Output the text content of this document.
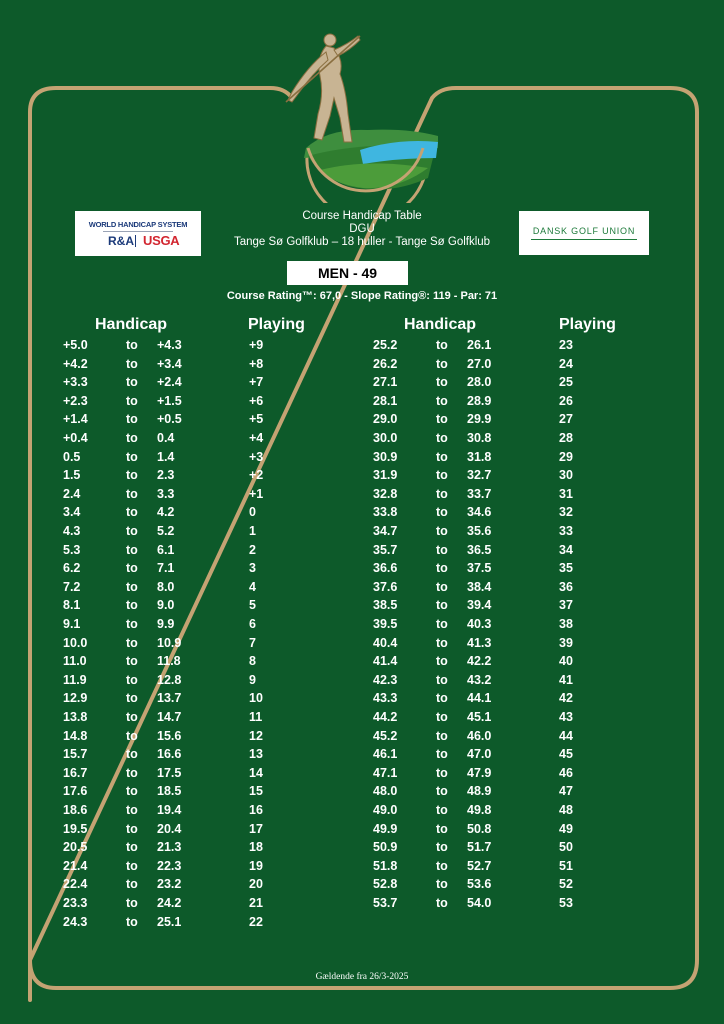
WORLD HANDICAP SYSTEM
R&A USGA
DANSK GOLF UNION
Course Handicap Table
DGU
Tange Sø Golfklub – 18 huller - Tange Sø Golfklub
MEN - 49
Course Rating™: 67,0 - Slope Rating®: 119 - Par: 71
Handicap	Playing	Handicap	Playing
+5.0	to +4.3	+9
+4.2	to +3.4	+8
+3.3	to +2.4	+7
+2.3	to +1.5	+6
+1.4	to +0.5	+5
+0.4	to 0.4	+4
0.5	to 1.4	+3
1.5	to 2.3	+2
2.4	to 3.3	+1
3.4	to 4.2	0
4.3	to 5.2	1
5.3	to 6.1	2
6.2	to 7.1	3
7.2	to 8.0	4
8.1	to 9.0	5
9.1	to 9.9	6
10.0	to 10.9	7
11.0	to 11.8	8
11.9	to 12.8	9
12.9	to 13.7	10
13.8	to 14.7	11
14.8	to 15.6	12
15.7	to 16.6	13
16.7	to 17.5	14
17.6	to 18.5	15
18.6	to 19.4	16
19.5	to 20.4	17
20.5	to 21.3	18
21.4	to 22.3	19
22.4	to 23.2	20
23.3	to 24.2	21
24.3	to 25.1	22
25.2	to 26.1	23
26.2	to 27.0	24
27.1	to 28.0	25
28.1	to 28.9	26
29.0	to 29.9	27
30.0	to 30.8	28
30.9	to 31.8	29
31.9	to 32.7	30
32.8	to 33.7	31
33.8	to 34.6	32
34.7	to 35.6	33
35.7	to 36.5	34
36.6	to 37.5	35
37.6	to 38.4	36
38.5	to 39.4	37
39.5	to 40.3	38
40.4	to 41.3	39
41.4	to 42.2	40
42.3	to 43.2	41
43.3	to 44.1	42
44.2	to 45.1	43
45.2	to 46.0	44
46.1	to 47.0	45
47.1	to 47.9	46
48.0	to 48.9	47
49.0	to 49.8	48
49.9	to 50.8	49
50.9	to 51.7	50
51.8	to 52.7	51
52.8	to 53.6	52
53.7	to 54.0	53
Gældende fra 26/3-2025
